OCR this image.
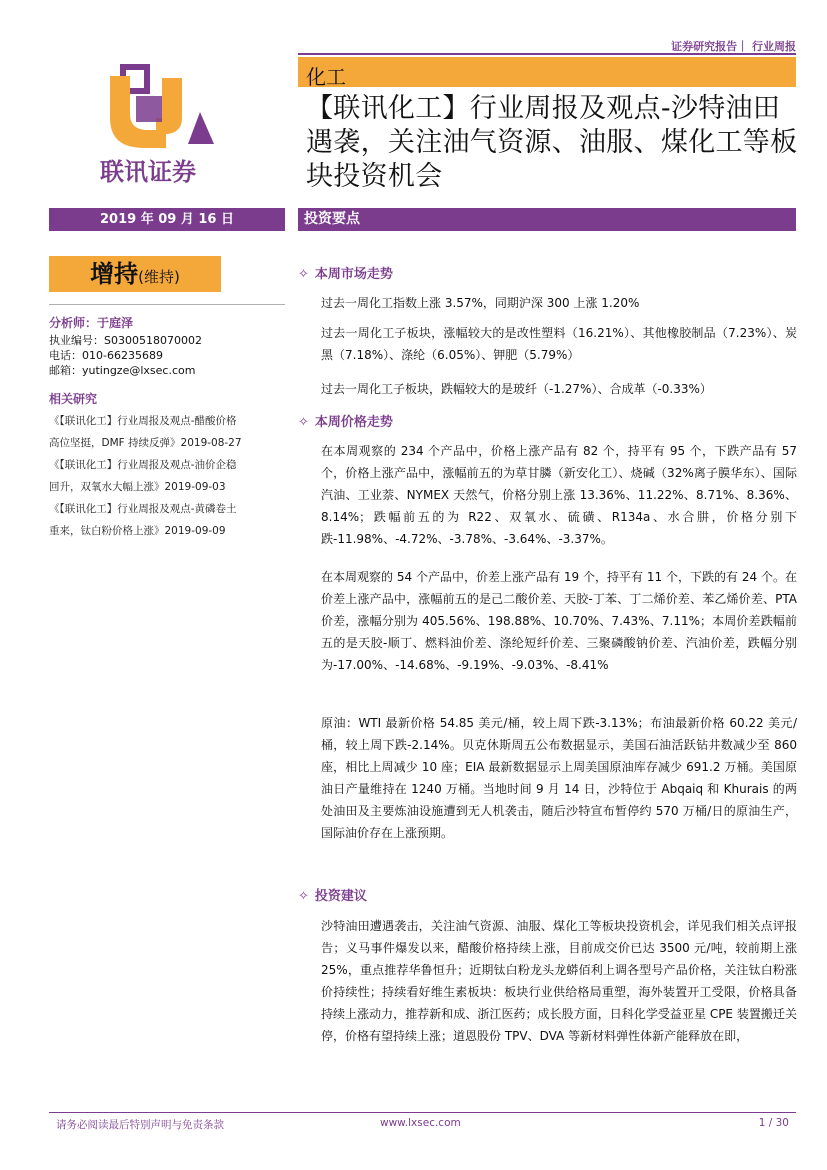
证券研究报告｜ 行业周报
联讯证券
化工
【联讯化工】行业周报及观点-沙特油田遇袭，关注油气资源、油服、煤化工等板块投资机会
2019 年 09 月 16 日	投资要点
增持(维持)
分析师：于庭泽
执业编号：S0300518070002
电话：010-66235689
邮箱：yutingze@lxsec.com
相关研究
《【联讯化工】行业周报及观点-醋酸价格
高位坚挺，DMF 持续反弹》2019-08-27
《【联讯化工】行业周报及观点-油价企稳
回升，双氧水大幅上涨》2019-09-03
《【联讯化工】行业周报及观点-黄磷卷土
重来，钛白粉价格上涨》2019-09-09
✧ 本周市场走势
过去一周化工指数上涨 3.57%，同期沪深 300 上涨 1.20%
过去一周化工子板块，涨幅较大的是改性塑料（16.21%）、其他橡胶制品（7.23%）、炭黑（7.18%）、涤纶（6.05%）、钾肥（5.79%）
过去一周化工子板块，跌幅较大的是玻纤（-1.27%）、合成革（-0.33%）
✧ 本周价格走势
在本周观察的 234 个产品中，价格上涨产品有 82 个，持平有 95 个，下跌产品有 57 个，价格上涨产品中，涨幅前五的为草甘膦（新安化工）、烧碱（32%离子膜华东）、国际汽油、工业萘、NYMEX 天然气，价格分别上涨 13.36%、11.22%、8.71%、8.36%、8.14%；跌幅前五的为 R22、双氧水、硫磺、R134a、水合肼，价格分别下跌-11.98%、-4.72%、-3.78%、-3.64%、-3.37%。
在本周观察的 54 个产品中，价差上涨产品有 19 个，持平有 11 个，下跌的有 24 个。在价差上涨产品中，涨幅前五的是己二酸价差、天胶-丁苯、丁二烯价差、苯乙烯价差、PTA 价差，涨幅分别为 405.56%、198.88%、10.70%、7.43%、7.11%；本周价差跌幅前五的是天胶-顺丁、燃料油价差、涤纶短纤价差、三聚磷酸钠价差、汽油价差，跌幅分别为-17.00%、-14.68%、-9.19%、-9.03%、-8.41%
原油：WTI 最新价格 54.85 美元/桶，较上周下跌-3.13%；布油最新价格 60.22 美元/桶，较上周下跌-2.14%。贝克休斯周五公布数据显示，美国石油活跃钻井数减少至 860 座，相比上周减少 10 座；EIA 最新数据显示上周美国原油库存减少 691.2 万桶。美国原油日产量维持在 1240 万桶。当地时间 9 月 14 日，沙特位于 Abqaiq 和 Khurais 的两处油田及主要炼油设施遭到无人机袭击，随后沙特宣布暂停约 570 万桶/日的原油生产，国际油价存在上涨预期。
✧ 投资建议
沙特油田遭遇袭击，关注油气资源、油服、煤化工等板块投资机会，详见我们相关点评报告；义马事件爆发以来，醋酸价格持续上涨，目前成交价已达 3500 元/吨，较前期上涨 25%，重点推荐华鲁恒升；近期钛白粉龙头龙蟒佰利上调各型号产品价格，关注钛白粉涨价持续性；持续看好维生素板块：板块行业供给格局重塑，海外装置开工受限，价格具备持续上涨动力，推荐新和成、浙江医药；成长股方面，日科化学受益亚星 CPE 装置搬迁关停，价格有望持续上涨；道恩股份 TPV、DVA 等新材料弹性体新产能释放在即，
请务必阅读最后特别声明与免责条款	www.lxsec.com	1 / 30
